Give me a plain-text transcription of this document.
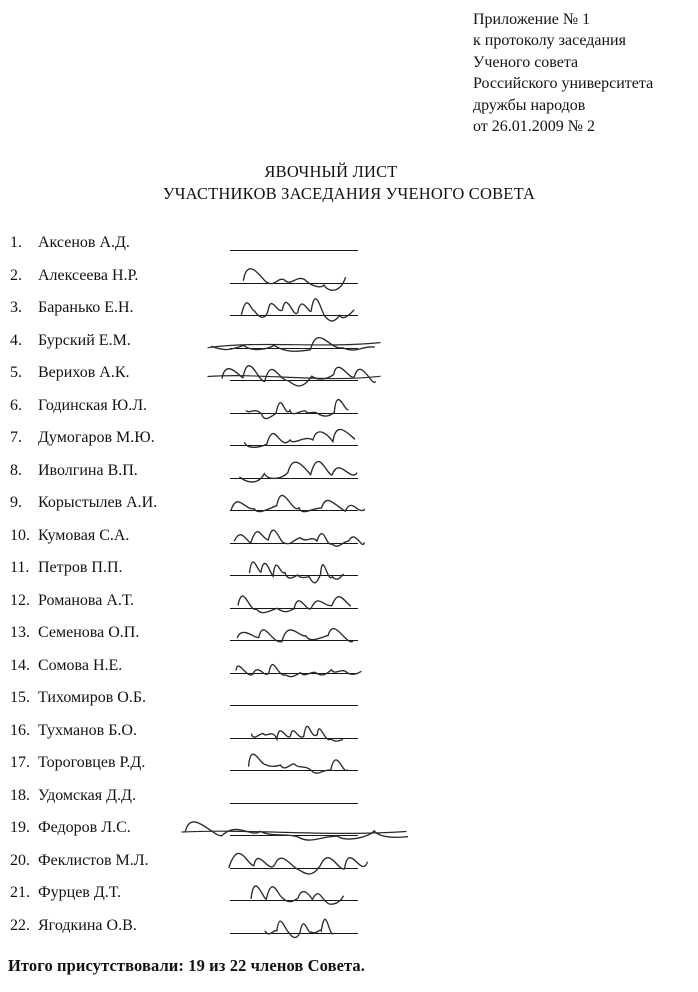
Приложение № 1
к протоколу заседания
Ученого совета
Российского университета
дружбы народов
от 26.01.2009 № 2
ЯВОЧНЫЙ ЛИСТ
УЧАСТНИКОВ ЗАСЕДАНИЯ УЧЕНОГО СОВЕТА
1. Аксенов А.Д.
2. Алексеева Н.Р.
3. Баранько Е.Н.
4. Бурский Е.М.
5. Верихов А.К.
6. Годинская Ю.Л.
7. Думогаров М.Ю.
8. Иволгина В.П.
9. Корыстылев А.И.
10. Кумовая С.А.
11. Петров П.П.
12. Романова А.Т.
13. Семенова О.П.
14. Сомова Н.Е.
15. Тихомиров О.Б.
16. Тухманов Б.О.
17. Тороговцев Р.Д.
18. Удомская Д.Д.
19. Федоров Л.С.
20. Феклистов М.Л.
21. Фурцев Д.Т.
22. Ягодкина О.В.
Итого присутствовали: 19 из 22 членов Совета.
